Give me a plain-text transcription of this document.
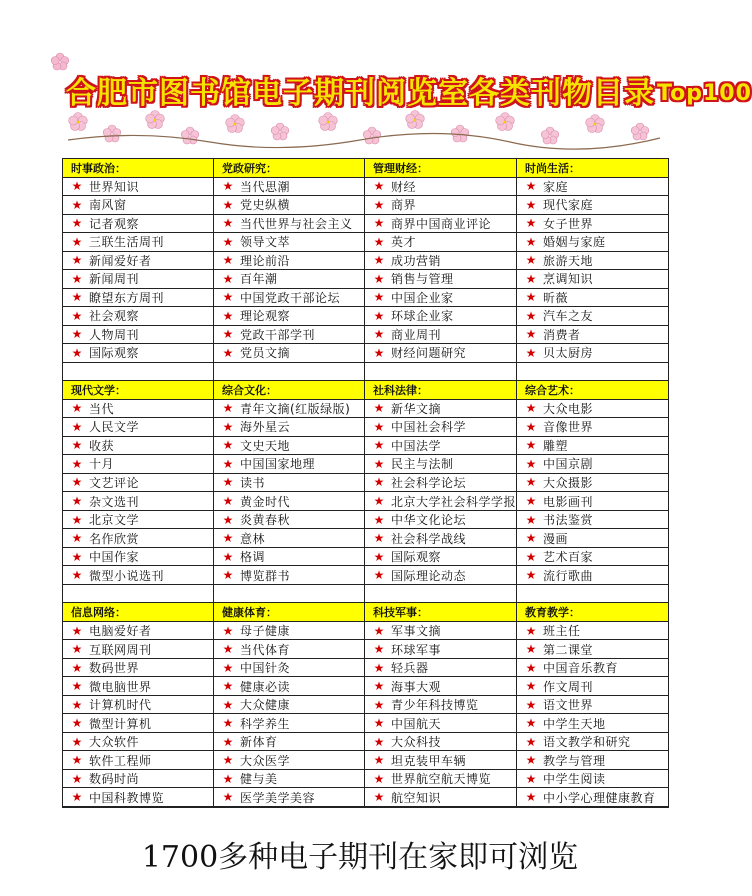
合肥市图书馆电子期刊阅览室各类刊物目录Top100
时事政治：	党政研究：	管理财经：	时尚生活：
★ 世界知识	★ 当代思潮	★ 财经	★ 家庭
★ 南风窗	★ 党史纵横	★ 商界	★ 现代家庭
★ 记者观察	★ 当代世界与社会主义 ★ 商界中国商业评论	★ 女子世界
★ 三联生活周刊	★ 领导文萃	★ 英才	★ 婚姻与家庭
★ 新闻爱好者	★ 理论前沿	★ 成功营销	★ 旅游天地
★ 新闻周刊	★ 百年潮	★ 销售与管理	★ 烹调知识
★ 瞭望东方周刊	★ 中国党政干部论坛	★ 中国企业家	★ 昕薇
★ 社会观察	★ 理论观察	★ 环球企业家	★ 汽车之友
★ 人物周刊	★ 党政干部学刊	★ 商业周刊	★ 消费者
★ 国际观察	★ 党员文摘	★ 财经问题研究	★ 贝太厨房
现代文学：	综合文化：	社科法律：	综合艺术：
★ 当代	★ 青年文摘(红版绿版) ★ 新华文摘	★ 大众电影
★ 人民文学	★ 海外星云	★ 中国社会科学	★ 音像世界
★ 收获	★ 文史天地	★ 中国法学	★ 雕塑
★ 十月	★ 中国国家地理	★ 民主与法制	★ 中国京剧
★ 文艺评论	★ 读书	★ 社会科学论坛	★ 大众摄影
★ 杂文选刊	★ 黄金时代	★ 北京大学社会科学学报 ★ 电影画刊
★ 北京文学	★ 炎黄春秋	★ 中华文化论坛	★ 书法鉴赏
★ 名作欣赏	★ 意林	★ 社会科学战线	★ 漫画
★ 中国作家	★ 格调	★ 国际观察	★ 艺术百家
★ 微型小说选刊	★ 博览群书	★ 国际理论动态	★ 流行歌曲
信息网络：	健康体育：	科技军事：	教育教学：
★ 电脑爱好者	★ 母子健康	★ 军事文摘	★ 班主任
★ 互联网周刊	★ 当代体育	★ 环球军事	★ 第二课堂
★ 数码世界	★ 中国针灸	★ 轻兵器	★ 中国音乐教育
★ 微电脑世界	★ 健康必读	★ 海事大观	★ 作文周刊
★ 计算机时代	★ 大众健康	★ 青少年科技博览	★ 语文世界
★ 微型计算机	★ 科学养生	★ 中国航天	★ 中学生天地
★ 大众软件	★ 新体育	★ 大众科技	★ 语文教学和研究
★ 软件工程师	★ 大众医学	★ 坦克装甲车辆	★ 教学与管理
★ 数码时尚	★ 健与美	★ 世界航空航天博览	★ 中学生阅读
★ 中国科教博览	★ 医学美学美容	★ 航空知识	★ 中小学心理健康教育
1700多种电子期刊在家即可浏览
